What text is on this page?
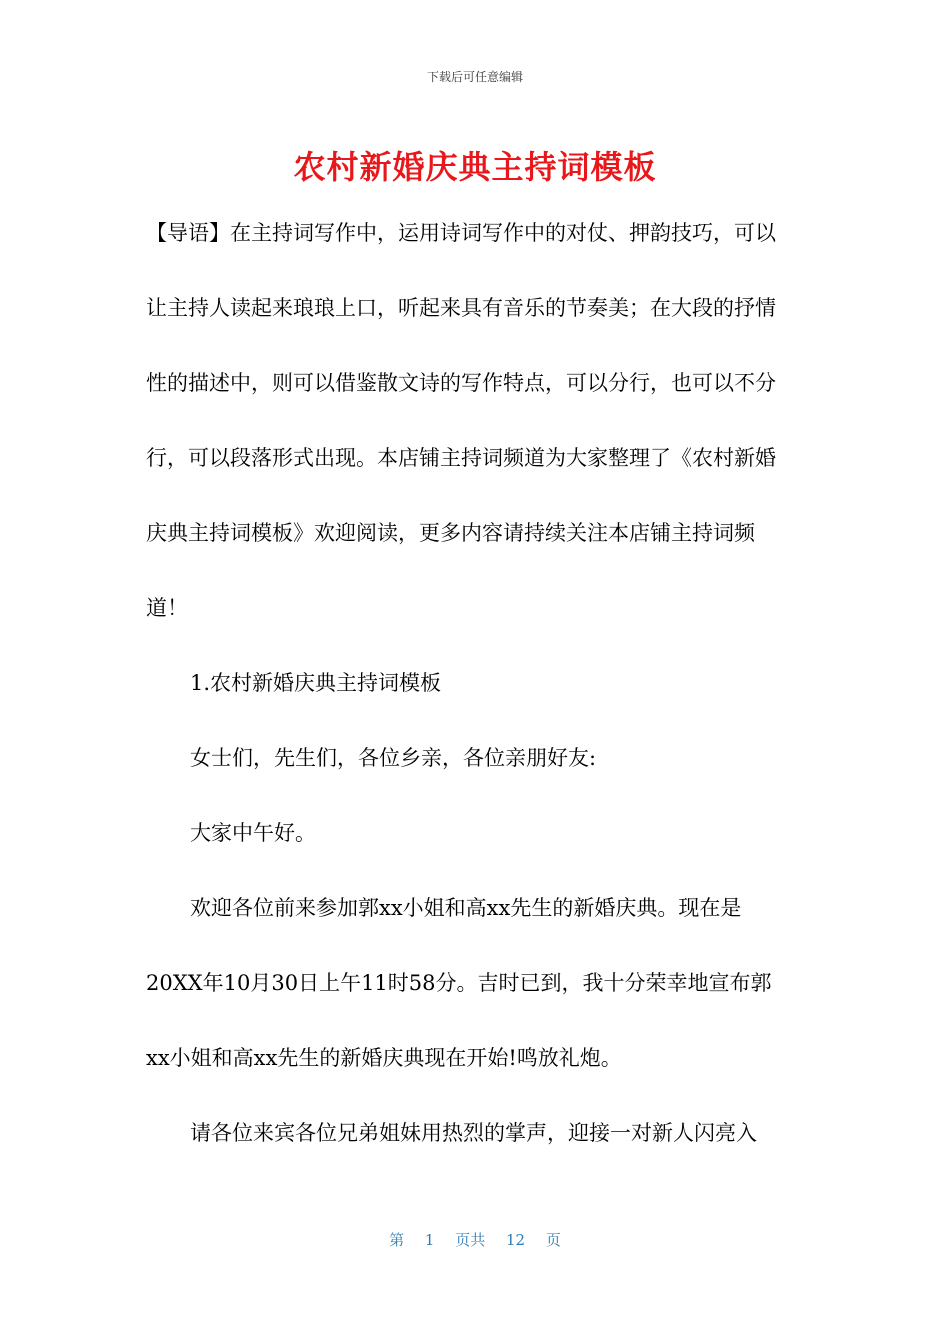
下载后可任意编辑
农村新婚庆典主持词模板

【导语】在主持词写作中，运用诗词写作中的对仗、押韵技巧，可以让主持人读起来琅琅上口，听起来具有音乐的节奏美；在大段的抒情性的描述中，则可以借鉴散文诗的写作特点，可以分行，也可以不分行，可以段落形式出现。本店铺主持词频道为大家整理了《农村新婚庆典主持词模板》欢迎阅读，更多内容请持续关注本店铺主持词频道！

1.农村新婚庆典主持词模板

女士们，先生们，各位乡亲，各位亲朋好友:

大家中午好。

欢迎各位前来参加郭xx小姐和高xx先生的新婚庆典。现在是20XX年10月30日上午11时58分。吉时已到，我十分荣幸地宣布郭xx小姐和高xx先生的新婚庆典现在开始!鸣放礼炮。

请各位来宾各位兄弟姐妹用热烈的掌声，迎接一对新人闪亮入

第 1 页共 12 页
